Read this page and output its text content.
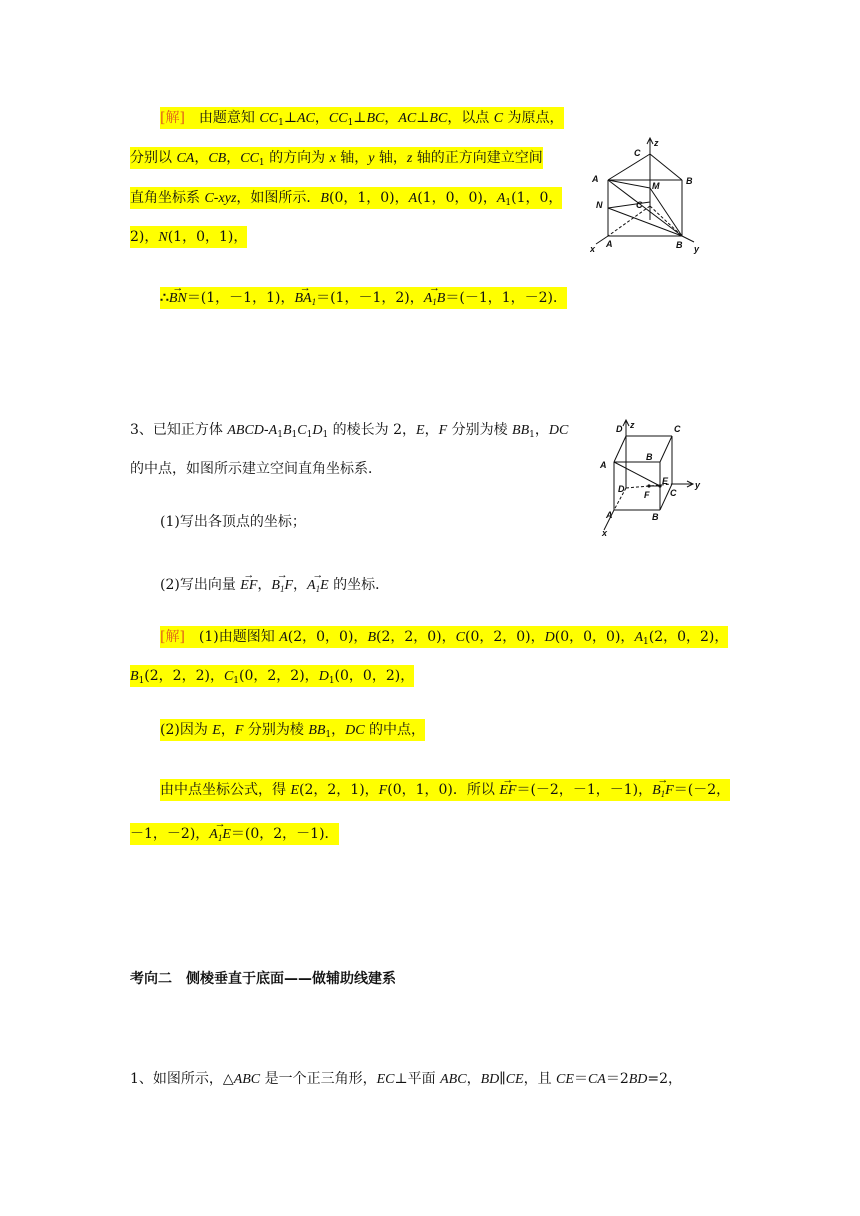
[解]　由题意知 $CC_1\perp AC$，$CC_1\perp BC$，AC⊥BC，以点 C 为原点，
分别以 CA，CB，$CC_1$ 的方向为 x 轴，y 轴，z 轴的正方向建立空间
直角坐标系 C-xyz，如图所示．B(0，1，0)，A(1，0，0)，$A_1(1$，0，
2)，N(1，0，1)，
∴→ BN＝(1，－1，1)，→ $BA_1=(1$，－1，2)，→ $A_1B=(-1$，1，－2)．
C
z
A	B
M
N	C
A	B
x	y
3、已知正方体 ABCD-$A_1B_1C_1D_1$ 的棱长为 2，E，F 分别为棱 $BB_1$，DC
的中点，如图所示建立空间直角坐标系．
(1)写出各顶点的坐标；
(2)写出向量 → EF，→ $B_1F$，→ $A_1E$ 的坐标．
[解]　(1)由题图知 A(2，0，0)，B(2，2，0)，C(0，2，0)，D(0，0，0)，$A_1(2$，0，2)，
$B_1(2$，2，2)，$C_1(0$，2，2)，$D_1(0$，0，2)，
(2)因为 E，F 分别为棱 $BB_1$，DC 的中点，
由中点坐标公式，得 E(2，2，1)，F(0，1，0)．所以 → EF＝(－2，－1，－1)，→ $B_1F=(-2$，
－1，－2)，→ $A_1E=(0$，2，－1)．
D z	C
A
B
D
E
C
y
F
A	B
x
考向二　侧棱垂直于底面——做辅助线建系
1、如图所示，△ABC 是一个正三角形，EC⊥平面 ABC，BD∥CE，且 CE＝CA＝2BD=2，
